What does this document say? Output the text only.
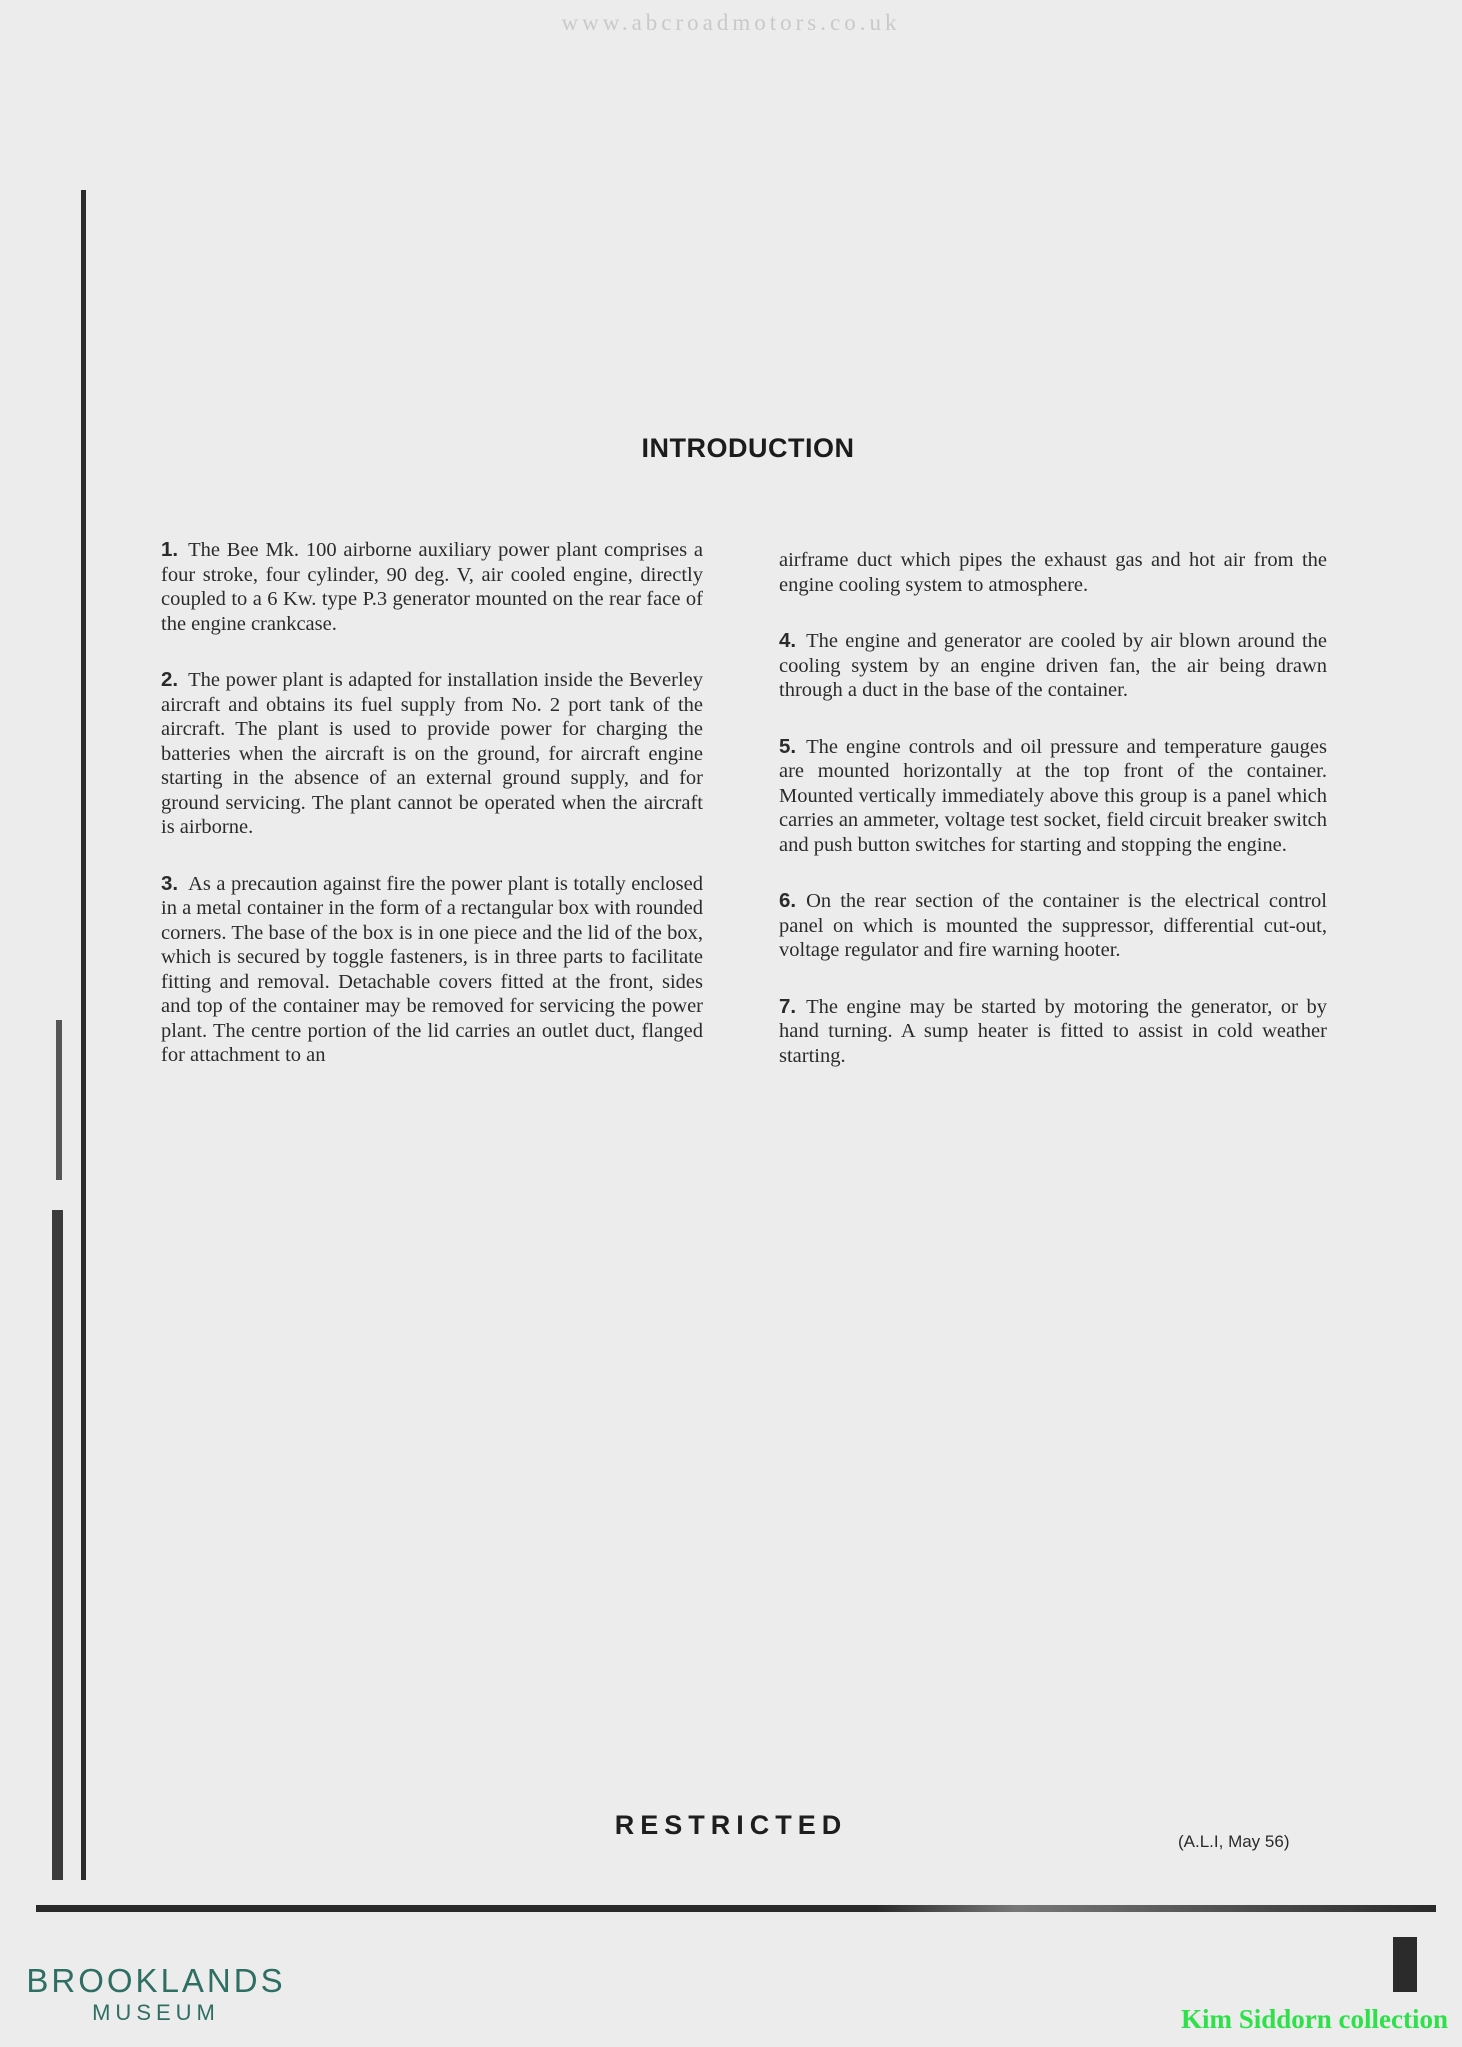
www.abcroadmotors.co.uk
INTRODUCTION

1. The Bee Mk. 100 airborne auxiliary power plant comprises a four stroke, four cylinder, 90 deg. V, air cooled engine, directly coupled to a 6 Kw. type P.3 generator mounted on the rear face of the engine crankcase.

2. The power plant is adapted for installation inside the Beverley aircraft and obtains its fuel supply from No. 2 port tank of the aircraft. The plant is used to provide power for charging the batteries when the aircraft is on the ground, for aircraft engine starting in the absence of an external ground supply, and for ground servicing. The plant cannot be operated when the aircraft is airborne.

3. As a precaution against fire the power plant is totally enclosed in a metal container in the form of a rectangular box with rounded corners. The base of the box is in one piece and the lid of the box, which is secured by toggle fasteners, is in three parts to facilitate fitting and removal. Detachable covers fitted at the front, sides and top of the container may be removed for servicing the power plant. The centre portion of the lid carries an outlet duct, flanged for attachment to an

airframe duct which pipes the exhaust gas and hot air from the engine cooling system to atmosphere.

4. The engine and generator are cooled by air blown around the cooling system by an engine driven fan, the air being drawn through a duct in the base of the container.

5. The engine controls and oil pressure and temperature gauges are mounted horizontally at the top front of the container. Mounted vertically immediately above this group is a panel which carries an ammeter, voltage test socket, field circuit breaker switch and push button switches for starting and stopping the engine.

6. On the rear section of the container is the electrical control panel on which is mounted the suppressor, differential cut-out, voltage regulator and fire warning hooter.

7. The engine may be started by motoring the generator, or by hand turning. A sump heater is fitted to assist in cold weather starting.

RESTRICTED
(A.L.I, May 56)
BROOKLANDS
MUSEUM	Kim Siddorn collection
